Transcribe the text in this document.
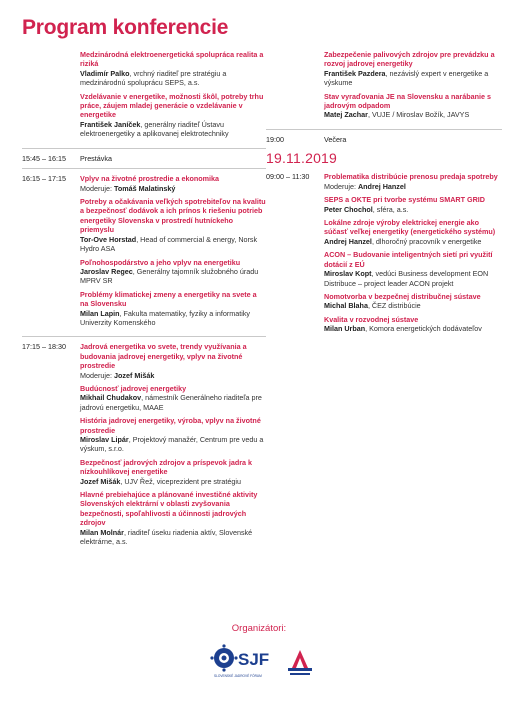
Program konferencie
Medzinárodná elektroenergetická spolupráca realita a riziká
Vladimír Palko, vrchný riaditeľ pre stratégiu a medzinárodnú spoluprácu SEPS, a.s.
Vzdelávanie v energetike, možnosti škôl, potreby trhu práce, záujem mladej generácie o vzdelávanie v energetike
František Janíček, generálny riaditeľ Ústavu elektroenergetiky a aplikovanej elektrotechniky
15:45 – 16:15	Prestávka
16:15 – 17:15	Vplyv na životné prostredie a ekonomika
Moderuje: Tomáš Malatinský
Potreby a očakávania veľkých spotrebiteľov na kvalitu a bezpečnosť dodávok a ich prínos k riešeniu potrieb energetiky Slovenska v prostredí hutníckeho priemyslu
Tor-Ove Horstad, Head of commercial & energy, Norsk Hydro ASA
Poľnohospodárstvo a jeho vplyv na energetiku
Jaroslav Regec, Generálny tajomník služobného úradu MPRV SR
Problémy klimatickej zmeny a energetiky na svete a na Slovensku
Milan Lapin, Fakulta matematiky, fyziky a informatiky Univerzity Komenského
17:15 – 18:30	Jadrová energetika vo svete, trendy využívania a budovania jadrovej energetiky, vplyv na životné prostredie
Moderuje: Jozef Mišák
Budúcnosť jadrovej energetiky
Mikhail Chudakov, námestník Generálneho riaditeľa pre jadrovú energetiku, MAAE
História jadrovej energetiky, výroba, vplyv na životné prostredie
Miroslav Lipár, Projektový manažér, Centrum pre vedu a výskum, s.r.o.
Bezpečnosť jadrových zdrojov a príspevok jadra k nízkouhlíkovej energetike
Jozef Mišák, UJV Řež, viceprezident pre stratégiu
Hlavné prebiehajúce a plánované investičné aktivity Slovenských elektrární v oblasti zvyšovania bezpečnosti, spoľahlivosti a účinnosti jadrových zdrojov
Milan Molnár, riaditeľ úseku riadenia aktív, Slovenské elektrárne, a.s.
Zabezpečenie palivových zdrojov pre prevádzku a rozvoj jadrovej energetiky
František Pazdera, nezávislý expert v energetike a výskume
Stav vyraďovania JE na Slovensku a narábanie s jadrovým odpadom
Matej Zachar, VUJE / Miroslav Božík, JAVYS
19:00	Večera
19.11.2019
09:00 – 11:30	Problematika distribúcie prenosu predaja spotreby
Moderuje: Andrej Hanzel
SEPS a OKTE pri tvorbe systému SMART GRID
Peter Chochol, sféra, a.s.
Lokálne zdroje výroby elektrickej energie ako súčasť veľkej energetiky (energetického systému)
Andrej Hanzel, dlhoročný pracovník v energetike
ACON – Budovanie inteligentných sietí pri využití dotácií z EÚ
Miroslav Kopt, vedúci Business development EON Distribuce – project leader ACON projekt
Nomotvorba v bezpečnej distribučnej sústave
Michal Blaha, ČEZ distribúcie
Kvalita v rozvodnej sústave
Milan Urban, Komora energetických dodávateľov
Organizátori:
SJF
SLOVENSKÉ JADROVÉ FÓRUM
